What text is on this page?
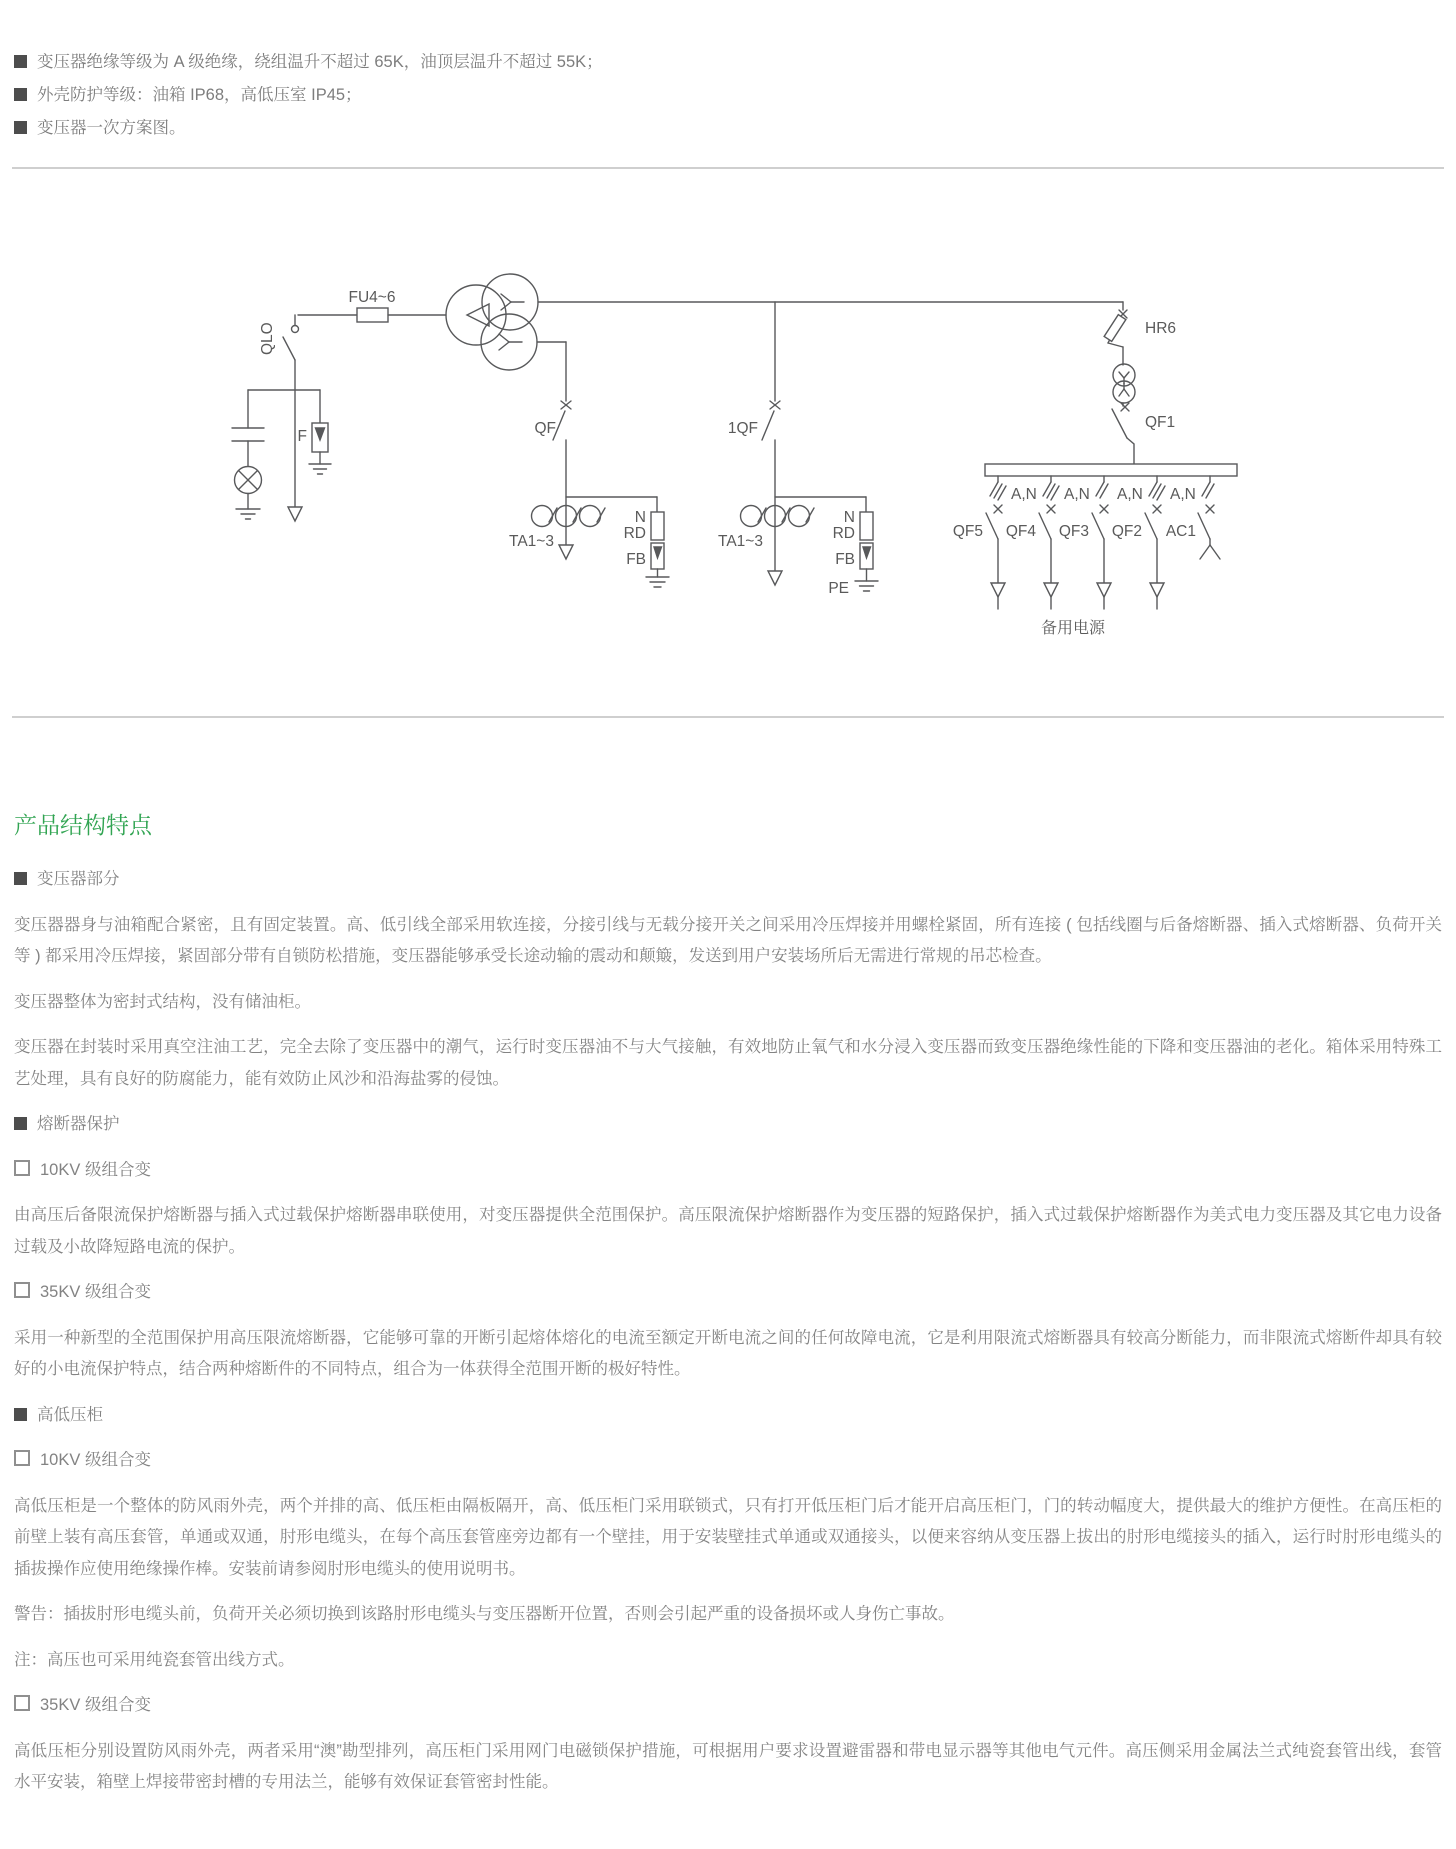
变压器绝缘等级为 A 级绝缘，绕组温升不超过 65K，油顶层温升不超过 55K；
外壳防护等级：油箱 IP68，高低压室 IP45；
变压器一次方案图。
QLO
FU4~6
F	QF
TA1~3
N
RD
FB
1QF
TA1~3
N
RD
FB
PE
HR6
QF1
A,N A,N A,N A,N
QF5 QF4 QF3 QF2 AC1
备用电源
产品结构特点
变压器部分

变压器器身与油箱配合紧密，且有固定装置。高、低引线全部采用软连接，分接引线与无载分接开关之间采用冷压焊接并用螺栓紧固，所有连接 ( 包括线圈与后备熔断器、插入式熔断器、负荷开关等 ) 都采用冷压焊接，紧固部分带有自锁防松措施，变压器能够承受长途动输的震动和颠簸，发送到用户安装场所后无需进行常规的吊芯检查。

变压器整体为密封式结构，没有储油柜。

变压器在封装时采用真空注油工艺，完全去除了变压器中的潮气，运行时变压器油不与大气接触，有效地防止氧气和水分浸入变压器而致变压器绝缘性能的下降和变压器油的老化。箱体采用特殊工艺处理，具有良好的防腐能力，能有效防止风沙和沿海盐雾的侵蚀。

熔断器保护
10KV 级组合变

由高压后备限流保护熔断器与插入式过载保护熔断器串联使用，对变压器提供全范围保护。高压限流保护熔断器作为变压器的短路保护，插入式过载保护熔断器作为美式电力变压器及其它电力设备过载及小故降短路电流的保护。

35KV 级组合变

采用一种新型的全范围保护用高压限流熔断器，它能够可靠的开断引起熔体熔化的电流至额定开断电流之间的任何故障电流，它是利用限流式熔断器具有较高分断能力，而非限流式熔断件却具有较好的小电流保护特点，结合两种熔断件的不同特点，组合为一体获得全范围开断的极好特性。

高低压柜
10KV 级组合变

高低压柜是一个整体的防风雨外壳，两个并排的高、低压柜由隔板隔开，高、低压柜门采用联锁式，只有打开低压柜门后才能开启高压柜门，门的转动幅度大，提供最大的维护方便性。在高压柜的前壁上装有高压套管，单通或双通，肘形电缆头，在每个高压套管座旁边都有一个壁挂，用于安装壁挂式单通或双通接头，以便来容纳从变压器上拔出的肘形电缆接头的插入，运行时肘形电缆头的插拔操作应使用绝缘操作棒。安装前请参阅肘形电缆头的使用说明书。

警告：插拔肘形电缆头前，负荷开关必须切换到该路肘形电缆头与变压器断开位置，否则会引起严重的设备损坏或人身伤亡事故。

注：高压也可采用纯瓷套管出线方式。

35KV 级组合变

高低压柜分别设置防风雨外壳，两者采用“澳”勘型排列，高压柜门采用网门电磁锁保护措施，可根据用户要求设置避雷器和带电显示器等其他电气元件。高压侧采用金属法兰式纯瓷套管出线，套管水平安装，箱壁上焊接带密封槽的专用法兰，能够有效保证套管密封性能。
